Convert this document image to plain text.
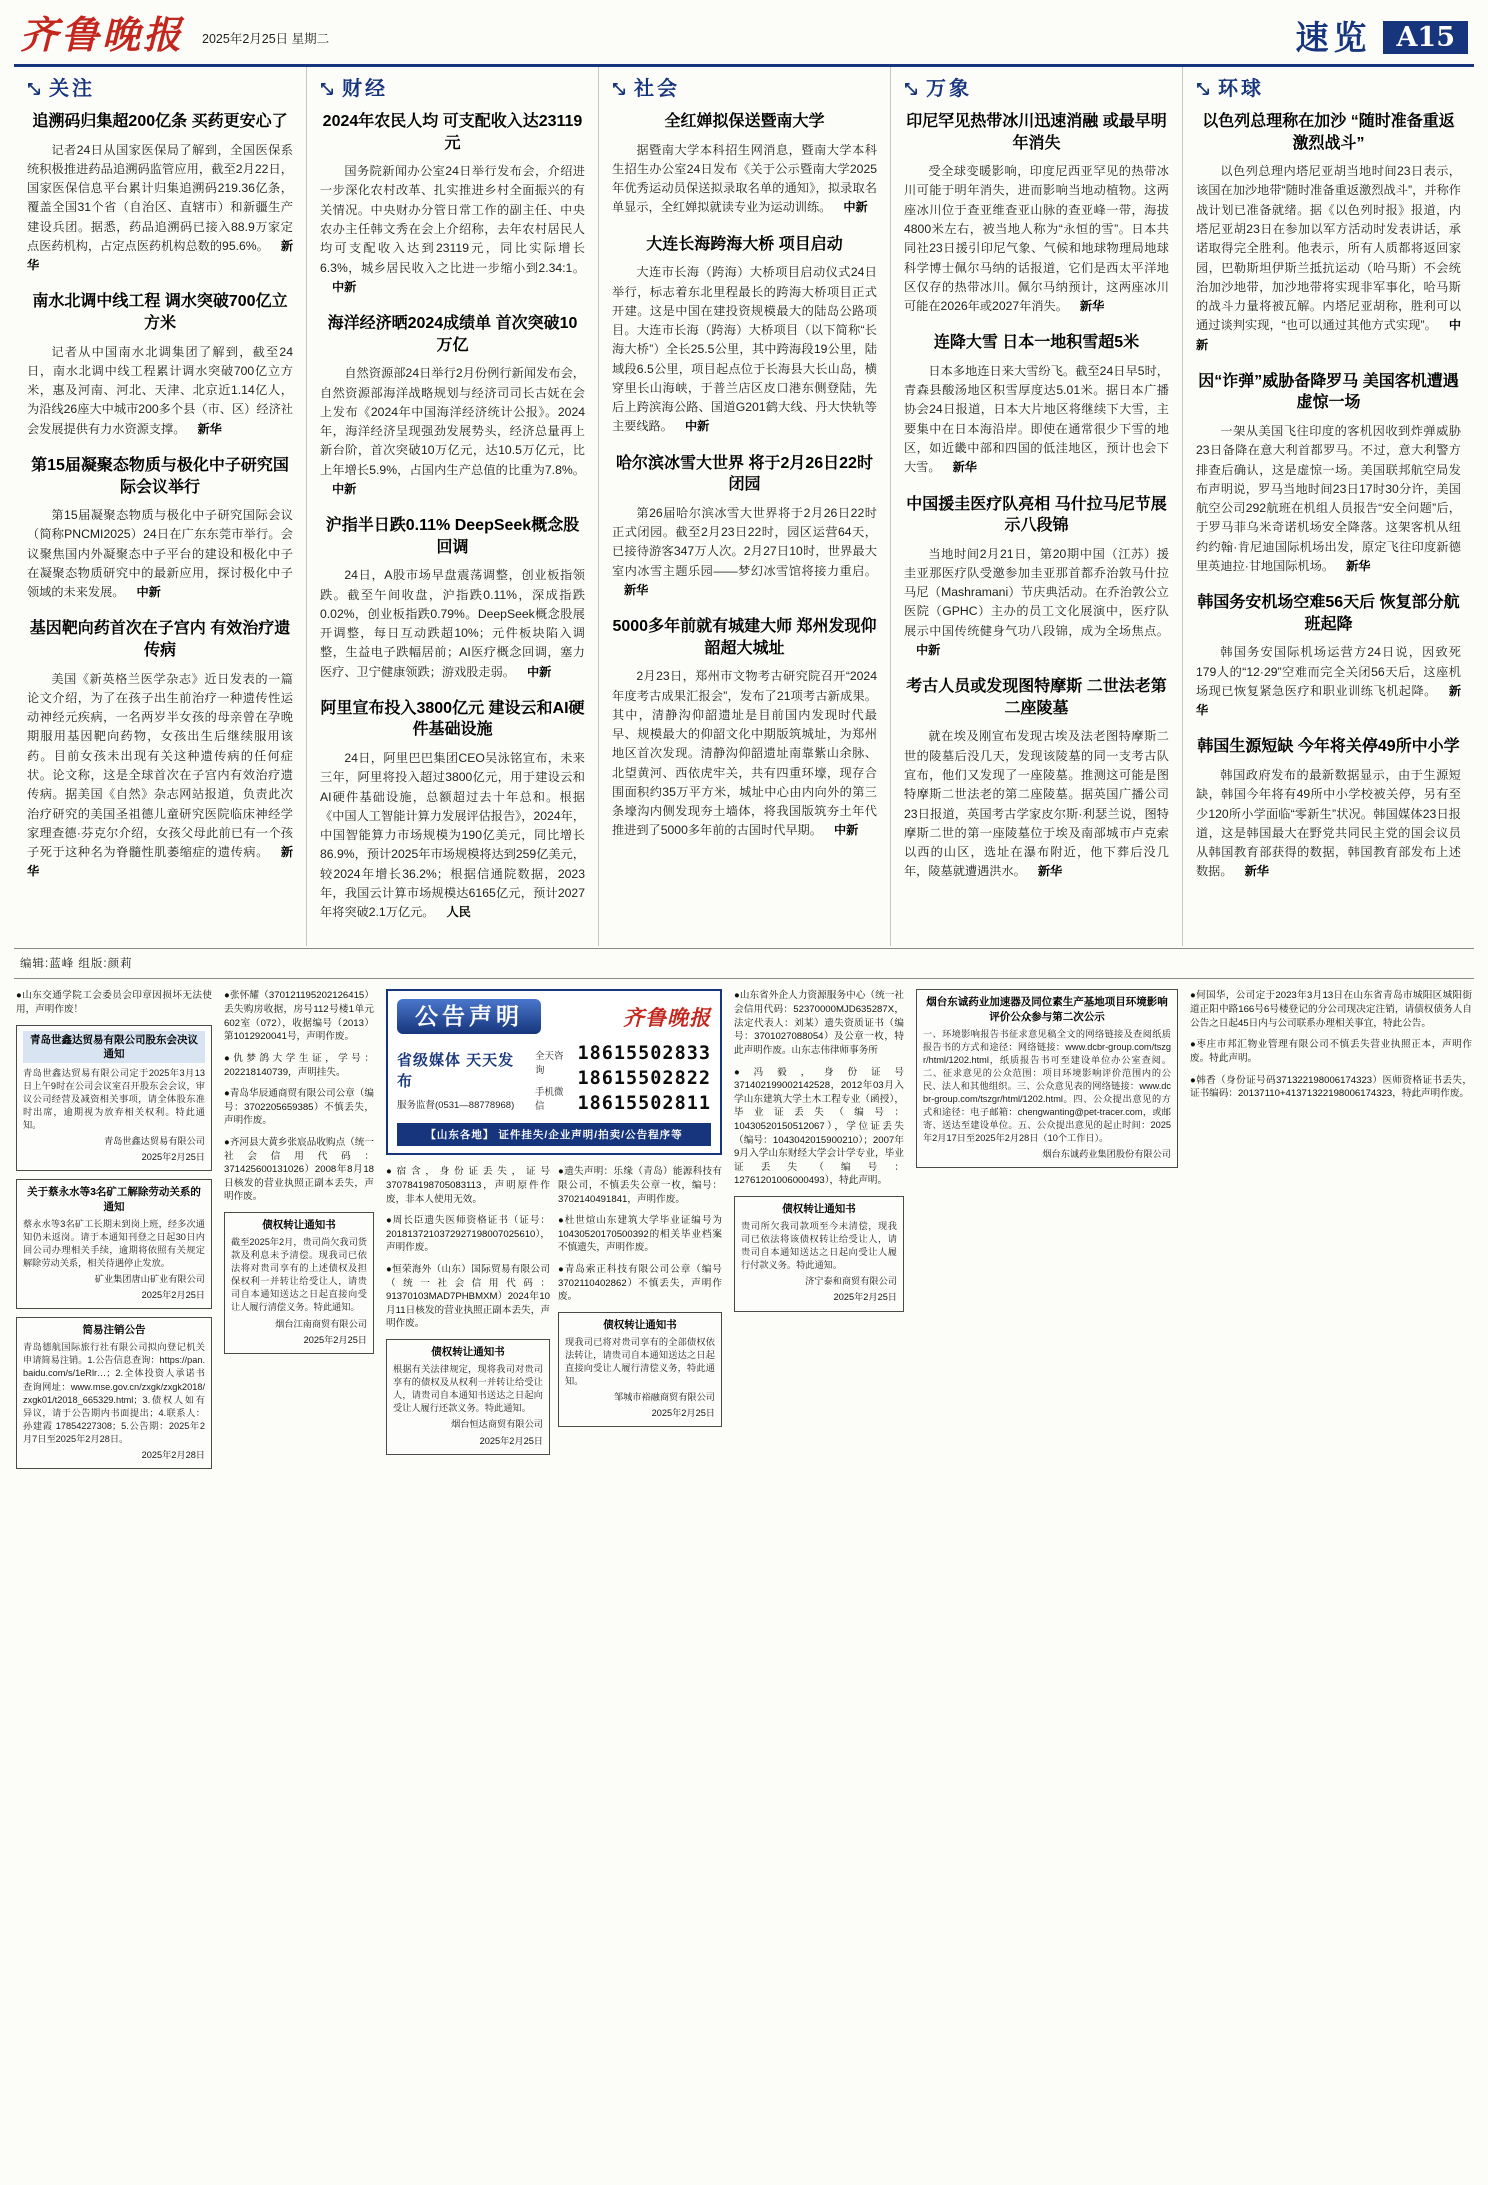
齐鲁晚报 2025年2月25日 星期二	速览 A15
关注
追溯码归集超200亿条 买药更安心了

记者24日从国家医保局了解到，全国医保系统积极推进药品追溯码监管应用，截至2月22日，国家医保信息平台累计归集追溯码219.36亿条，覆盖全国31个省（自治区、直辖市）和新疆生产建设兵团。据悉，药品追溯码已接入88.9万家定点医药机构，占定点医药机构总数的95.6%。 新华

南水北调中线工程 调水突破700亿立方米

记者从中国南水北调集团了解到，截至24日，南水北调中线工程累计调水突破700亿立方米，惠及河南、河北、天津、北京近1.14亿人，为沿线26座大中城市200多个县（市、区）经济社会发展提供有力水资源支撑。 新华

第15届凝聚态物质与极化中子研究国际会议举行

第15届凝聚态物质与极化中子研究国际会议（简称PNCMI2025）24日在广东东莞市举行。会议聚焦国内外凝聚态中子平台的建设和极化中子在凝聚态物质研究中的最新应用，探讨极化中子领域的未来发展。 中新

基因靶向药首次在子宫内 有效治疗遗传病

美国《新英格兰医学杂志》近日发表的一篇论文介绍，为了在孩子出生前治疗一种遗传性运动神经元疾病，一名两岁半女孩的母亲曾在孕晚期服用基因靶向药物，女孩出生后继续服用该药。目前女孩未出现有关这种遗传病的任何症状。论文称，这是全球首次在子宫内有效治疗遗传病。据美国《自然》杂志网站报道，负责此次治疗研究的美国圣祖德儿童研究医院临床神经学家理查德·芬克尔介绍，女孩父母此前已有一个孩子死于这种名为脊髓性肌萎缩症的遗传病。 新华

财经
2024年农民人均 可支配收入达23119元

国务院新闻办公室24日举行发布会，介绍进一步深化农村改革、扎实推进乡村全面振兴的有关情况。中央财办分管日常工作的副主任、中央农办主任韩文秀在会上介绍称，去年农村居民人均可支配收入达到23119元，同比实际增长6.3%，城乡居民收入之比进一步缩小到2.34:1。中新

海洋经济晒2024成绩单 首次突破10万亿

自然资源部24日举行2月份例行新闻发布会，自然资源部海洋战略规划与经济司司长古妩在会上发布《2024年中国海洋经济统计公报》。2024年，海洋经济呈现强劲发展势头，经济总量再上新台阶，首次突破10万亿元，达10.5万亿元，比上年增长5.9%，占国内生产总值的比重为7.8%。中新

沪指半日跌0.11% DeepSeek概念股回调

24日，A股市场早盘震荡调整，创业板指领跌。截至午间收盘，沪指跌0.11%，深成指跌0.02%，创业板指跌0.79%。DeepSeek概念股展开调整，每日互动跌超10%；元件板块陷入调整，生益电子跌幅居前；AI医疗概念回调，塞力医疗、卫宁健康领跌；游戏股走弱。 中新

阿里宣布投入3800亿元 建设云和AI硬件基础设施

24日，阿里巴巴集团CEO吴泳铭宣布，未来三年，阿里将投入超过3800亿元，用于建设云和AI硬件基础设施，总额超过去十年总和。根据《中国人工智能计算力发展评估报告》，2024年，中国智能算力市场规模为190亿美元，同比增长86.9%，预计2025年市场规模将达到259亿美元，较2024年增长36.2%；根据信通院数据，2023年，我国云计算市场规模达6165亿元，预计2027年将突破2.1万亿元。 人民

社会
全红婵拟保送暨南大学

据暨南大学本科招生网消息，暨南大学本科生招生办公室24日发布《关于公示暨南大学2025年优秀运动员保送拟录取名单的通知》，拟录取名单显示，全红婵拟就读专业为运动训练。 中新

大连长海跨海大桥 项目启动

大连市长海（跨海）大桥项目启动仪式24日举行，标志着东北里程最长的跨海大桥项目正式开建。这是中国在建投资规模最大的陆岛公路项目。大连市长海（跨海）大桥项目（以下简称“长海大桥”）全长25.5公里，其中跨海段19公里，陆域段6.5公里，项目起点位于长海县大长山岛，横穿里长山海峡，于普兰店区皮口港东侧登陆，先后上跨滨海公路、国道G201鹤大线、丹大快轨等主要线路。 中新

哈尔滨冰雪大世界 将于2月26日22时闭园

第26届哈尔滨冰雪大世界将于2月26日22时正式闭园。截至2月23日22时，园区运营64天，已接待游客347万人次。2月27日10时，世界最大室内冰雪主题乐园——梦幻冰雪馆将接力重启。新华

5000多年前就有城建大师 郑州发现仰韶超大城址

2月23日，郑州市文物考古研究院召开“2024年度考古成果汇报会”，发布了21项考古新成果。其中，清静沟仰韶遗址是目前国内发现时代最早、规模最大的仰韶文化中期版筑城址，为郑州地区首次发现。清静沟仰韶遗址南靠紫山余脉、北望黄河、西依虎牢关，共有四重环壕，现存合围面积约35万平方米，城址中心由内向外的第三条壕沟内侧发现夯土墙体，将我国版筑夯土年代推进到了5000多年前的古国时代早期。 中新

万象
印尼罕见热带冰川迅速消融 或最早明年消失

受全球变暖影响，印度尼西亚罕见的热带冰川可能于明年消失，进而影响当地动植物。这两座冰川位于查亚维查亚山脉的查亚峰一带，海拔4800米左右，被当地人称为“永恒的雪”。日本共同社23日援引印尼气象、气候和地球物理局地球科学博士佩尔马纳的话报道，它们是西太平洋地区仅存的热带冰川。佩尔马纳预计，这两座冰川可能在2026年或2027年消失。 新华

连降大雪 日本一地积雪超5米

日本多地连日来大雪纷飞。截至24日早5时，青森县酸汤地区积雪厚度达5.01米。据日本广播协会24日报道，日本大片地区将继续下大雪，主要集中在日本海沿岸。即使在通常很少下雪的地区，如近畿中部和四国的低洼地区，预计也会下大雪。 新华

中国援圭医疗队亮相 马什拉马尼节展示八段锦

当地时间2月21日，第20期中国（江苏）援圭亚那医疗队受邀参加圭亚那首都乔治敦马什拉马尼（Mashramani）节庆典活动。在乔治敦公立医院（GPHC）主办的员工文化展演中，医疗队展示中国传统健身气功八段锦，成为全场焦点。中新

考古人员或发现图特摩斯 二世法老第二座陵墓

就在埃及刚宣布发现古埃及法老图特摩斯二世的陵墓后没几天，发现该陵墓的同一支考古队宣布，他们又发现了一座陵墓。推测这可能是图特摩斯二世法老的第二座陵墓。据英国广播公司23日报道，英国考古学家皮尔斯·利瑟兰说，图特摩斯二世的第一座陵墓位于埃及南部城市卢克索以西的山区，选址在瀑布附近，他下葬后没几年，陵墓就遭遇洪水。 新华

环球
以色列总理称在加沙 “随时准备重返激烈战斗”

以色列总理内塔尼亚胡当地时间23日表示，该国在加沙地带“随时准备重返激烈战斗”，并称作战计划已准备就绪。据《以色列时报》报道，内塔尼亚胡23日在参加以军方活动时发表讲话，承诺取得完全胜利。他表示，所有人质都将返回家园，巴勒斯坦伊斯兰抵抗运动（哈马斯）不会统治加沙地带，加沙地带将实现非军事化，哈马斯的战斗力量将被瓦解。内塔尼亚胡称，胜利可以通过谈判实现，“也可以通过其他方式实现”。 中新

因“诈弹”威胁备降罗马 美国客机遭遇虚惊一场

一架从美国飞往印度的客机因收到炸弹威胁23日备降在意大利首都罗马。不过，意大利警方排查后确认，这是虚惊一场。美国联邦航空局发布声明说，罗马当地时间23日17时30分许，美国航空公司292航班在机组人员报告“安全问题”后，于罗马菲乌米奇诺机场安全降落。这架客机从纽约约翰·肯尼迪国际机场出发，原定飞往印度新德里英迪拉·甘地国际机场。 新华

韩国务安机场空难56天后 恢复部分航班起降

韩国务安国际机场运营方24日说，因致死179人的“12·29”空难而完全关闭56天后，这座机场现已恢复紧急医疗和职业训练飞机起降。 新华

韩国生源短缺 今年将关停49所中小学

韩国政府发布的最新数据显示，由于生源短缺，韩国今年将有49所中小学校被关停，另有至少120所小学面临“零新生”状况。韩国媒体23日报道，这是韩国最大在野党共同民主党的国会议员从韩国教育部获得的数据，韩国教育部发布上述数据。 新华

编辑:蓝峰 组版:颜莉
●山东交通学院工会委员会印章因损坏无法使用，声明作废！
青岛世鑫达贸易有限公司股东会决议通知
青岛世鑫达贸易有限公司定于2025年3月13日上午9时在公司会议室召开股东会会议，审议公司经营及减资相关事项，请全体股东准时出席，逾期视为放弃相关权利。特此通知。
青岛世鑫达贸易有限公司
2025年2月25日
关于蔡永水等3名矿工解除劳动关系的通知
蔡永水等3名矿工长期未到岗上班，经多次通知仍未返岗。请于本通知刊登之日起30日内回公司办理相关手续，逾期将依照有关规定解除劳动关系，相关待遇停止发放。
矿业集团唐山矿业有限公司
2025年2月25日
简易注销公告
青岛德航国际旅行社有限公司拟向登记机关申请简易注销。1.公告信息查询：https://pan.baidu.com/s/1eRlr…；2.全体投资人承诺书查询网址：www.mse.gov.cn/zxgk/zxgk2018/zxgk01/t2018_665329.html；3.债权人如有异议，请于公告期内书面提出；4.联系人：孙建霞 17854227308；5.公告期：2025年2月7日至2025年2月28日。
2025年2月28日
●张怀耀（370121195202126415）丢失购房收据，房号112号楼1单元602室（072），收据编号（2013）第1012920041号，声明作废。
●仇梦鸽大学生证，学号：202218140739，声明挂失。
●青岛华辰通商贸有限公司公章（编号：3702205659385）不慎丢失，声明作废。
●齐河县大黄乡张宸品收购点（统一社会信用代码：371425600131026）2008年8月18日核发的营业执照正副本丢失，声明作废。
债权转让通知书
截至2025年2月，贵司尚欠我司货款及利息未予清偿。现我司已依法将对贵司享有的上述债权及担保权利一并转让给受让人，请贵司自本通知送达之日起直接向受让人履行清偿义务。特此通知。
烟台江南商贸有限公司
2025年2月25日
公告声明	齐鲁晚报
省级媒体 天天发布
服务监督(0531—88778968)
全天咨询
手机微信
18615502833
18615502822
18615502811
【山东各地】 证件挂失/企业声明/拍卖/公告程序等
●宿含，身份证丢失，证号370784198705083113，声明原件作废，非本人使用无效。
●周长臣遗失医师资格证书（证号：2018137210372927198007025610），声明作废。
●恒荣海外（山东）国际贸易有限公司（统一社会信用代码：91370103MAD7PHBMXM）2024年10月11日核发的营业执照正副本丢失，声明作废。
债权转让通知书
根据有关法律规定，现将我司对贵司享有的债权及从权利一并转让给受让人，请贵司自本通知书送达之日起向受让人履行还款义务。特此通知。
烟台恒达商贸有限公司
2025年2月25日
●遗失声明：乐缘（青岛）能源科技有限公司，不慎丢失公章一枚，编号：3702140491841，声明作废。
●杜世煊山东建筑大学毕业证编号为10430520170500392的相关毕业档案不慎遗失，声明作废。
●青岛索正科技有限公司公章（编号3702110402862）不慎丢失，声明作废。
债权转让通知书
现我司已将对贵司享有的全部债权依法转让，请贵司自本通知送达之日起直接向受让人履行清偿义务，特此通知。
邹城市裕融商贸有限公司
2025年2月25日
●山东省外企人力资源服务中心（统一社会信用代码：52370000MJD635287X，法定代表人：刘某）遗失资质证书（编号：3701027088054）及公章一枚，特此声明作废。山东志伟律师事务所
●冯毅，身份证号371402199002142528，2012年03月入学山东建筑大学土木工程专业（函授），毕业证丢失（编号：10430520150512067），学位证丢失（编号：1043042015900210）；2007年9月入学山东财经大学会计学专业，毕业证丢失（编号：12761201006000493），特此声明。
债权转让通知书
贵司所欠我司款项至今未清偿，现我司已依法将该债权转让给受让人，请贵司自本通知送达之日起向受让人履行付款义务。特此通知。
济宁泰和商贸有限公司
2025年2月25日
烟台东诚药业加速器及同位素生产基地项目环境影响评价公众参与第二次公示
一、环境影响报告书征求意见稿全文的网络链接及查阅纸质报告书的方式和途径：网络链接：www.dcbr-group.com/tszgr/html/1202.html，纸质报告书可至建设单位办公室查阅。二、征求意见的公众范围：项目环境影响评价范围内的公民、法人和其他组织。三、公众意见表的网络链接：www.dcbr-group.com/tszgr/html/1202.html。四、公众提出意见的方式和途径：电子邮箱：chengwanting@pet-tracer.com，或邮寄、送达至建设单位。五、公众提出意见的起止时间：2025年2月17日至2025年2月28日（10个工作日）。
烟台东诚药业集团股份有限公司
●何国华，公司定于2023年3月13日在山东省青岛市城阳区城阳街道正阳中路166号6号楼登记的分公司现决定注销，请债权债务人自公告之日起45日内与公司联系办理相关事宜，特此公告。
●枣庄市邦汇物业管理有限公司不慎丢失营业执照正本，声明作废。特此声明。
●韩香（身份证号码371322198006174323）医师资格证书丢失，证书编码：20137110+41371322198006174323，特此声明作废。
